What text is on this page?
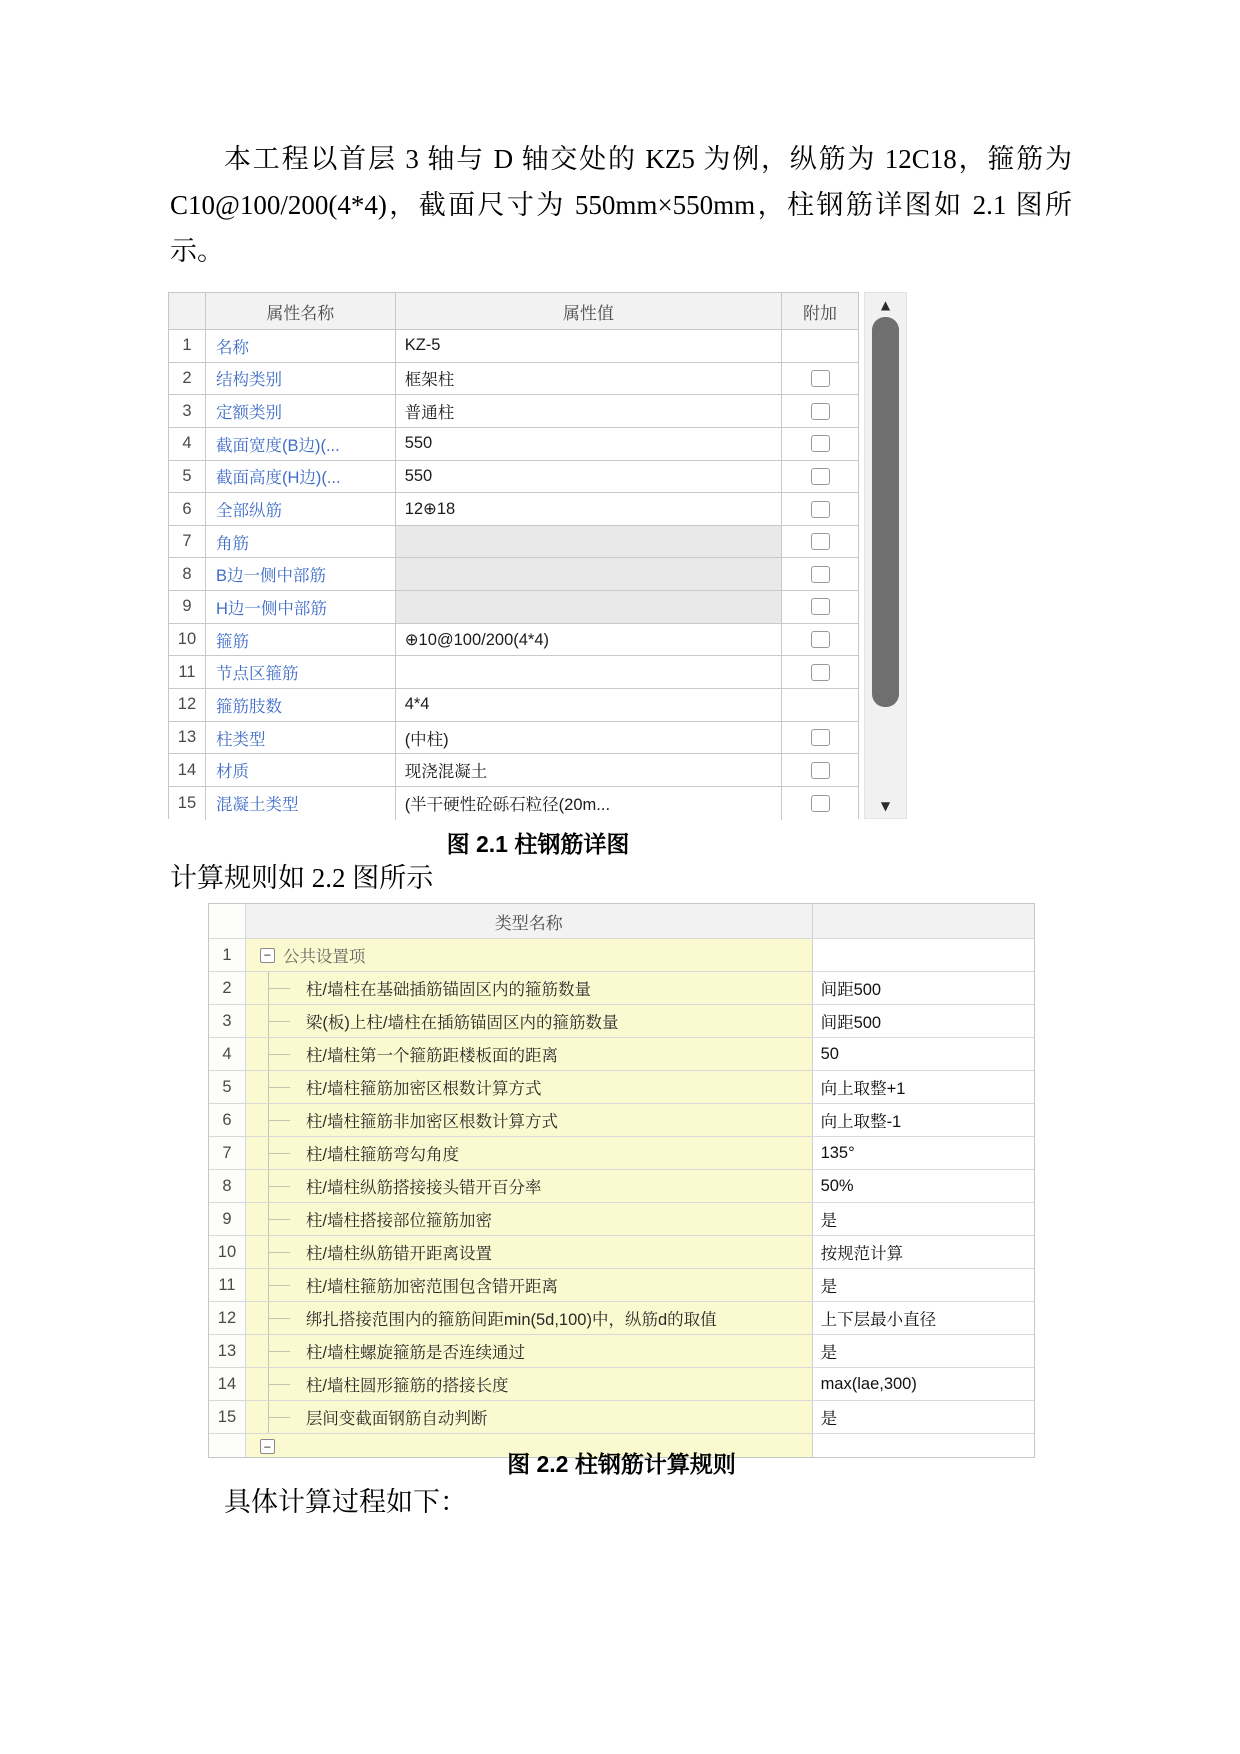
本工程以首层 3 轴与 D 轴交处的 KZ5 为例，纵筋为 12C18，箍筋为 C10@100/200(4*4)，截面尺寸为 550mm×550mm，柱钢筋详图如 2.1 图所示。

属性名称	属性值	附加
1	名称	KZ-5
2	结构类别	框架柱
3	定额类别	普通柱
4	截面宽度(B边)(...	550
5	截面高度(H边)(...	550
6	全部纵筋	12⊕18
7	角筋
8	B边一侧中部筋
9	H边一侧中部筋
10	箍筋	⊕10@100/200(4*4)
11	节点区箍筋
12	箍筋肢数	4*4
13	柱类型	(中柱)
14	材质	现浇混凝土
15	混凝土类型	(半干硬性砼砾石粒径(20m...
▲
▼
图 2.1 柱钢筋详图
计算规则如 2.2 图所示
类型名称
1	− 公共设置项
2	柱/墙柱在基础插筋锚固区内的箍筋数量	间距500
3	梁(板)上柱/墙柱在插筋锚固区内的箍筋数量	间距500
4	柱/墙柱第一个箍筋距楼板面的距离	50
5	柱/墙柱箍筋加密区根数计算方式	向上取整+1
6	柱/墙柱箍筋非加密区根数计算方式	向上取整-1
7	柱/墙柱箍筋弯勾角度	135°
8	柱/墙柱纵筋搭接接头错开百分率	50%
9	柱/墙柱搭接部位箍筋加密	是
10	柱/墙柱纵筋错开距离设置	按规范计算
11	柱/墙柱箍筋加密范围包含错开距离	是
12	绑扎搭接范围内的箍筋间距min(5d,100)中，纵筋d的取值	上下层最小直径
13	柱/墙柱螺旋箍筋是否连续通过	是
14	柱/墙柱圆形箍筋的搭接长度	max(lae,300)
15	层间变截面钢筋自动判断	是
−
图 2.2 柱钢筋计算规则
具体计算过程如下：
